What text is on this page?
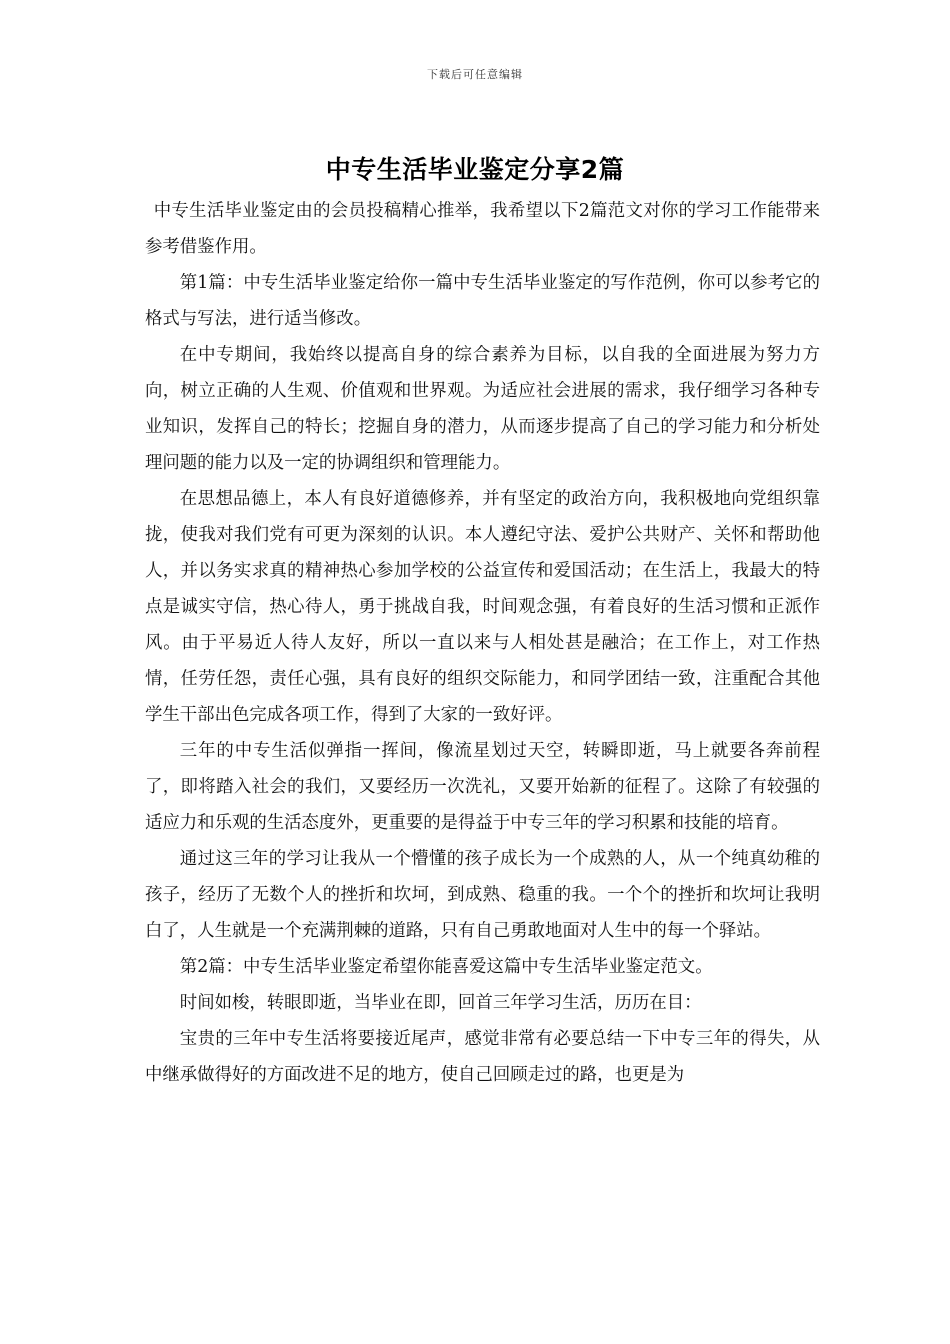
下载后可任意编辑
中专生活毕业鉴定分享2篇

中专生活毕业鉴定由的会员投稿精心推举，我希望以下2篇范文对你的学习工作能带来参考借鉴作用。

第1篇：中专生活毕业鉴定给你一篇中专生活毕业鉴定的写作范例，你可以参考它的格式与写法，进行适当修改。

在中专期间，我始终以提高自身的综合素养为目标，以自我的全面进展为努力方向，树立正确的人生观、价值观和世界观。为适应社会进展的需求，我仔细学习各种专业知识，发挥自己的特长；挖掘自身的潜力，从而逐步提高了自己的学习能力和分析处理问题的能力以及一定的协调组织和管理能力。

在思想品德上，本人有良好道德修养，并有坚定的政治方向，我积极地向党组织靠拢，使我对我们党有可更为深刻的认识。本人遵纪守法、爱护公共财产、关怀和帮助他人，并以务实求真的精神热心参加学校的公益宣传和爱国活动；在生活上，我最大的特点是诚实守信，热心待人，勇于挑战自我，时间观念强，有着良好的生活习惯和正派作风。由于平易近人待人友好，所以一直以来与人相处甚是融洽；在工作上，对工作热情，任劳任怨，责任心强，具有良好的组织交际能力，和同学团结一致，注重配合其他学生干部出色完成各项工作，得到了大家的一致好评。

三年的中专生活似弹指一挥间，像流星划过天空，转瞬即逝，马上就要各奔前程了，即将踏入社会的我们，又要经历一次洗礼，又要开始新的征程了。这除了有较强的适应力和乐观的生活态度外，更重要的是得益于中专三年的学习积累和技能的培育。

通过这三年的学习让我从一个懵懂的孩子成长为一个成熟的人，从一个纯真幼稚的孩子，经历了无数个人的挫折和坎坷，到成熟、稳重的我。一个个的挫折和坎坷让我明白了，人生就是一个充满荆棘的道路，只有自己勇敢地面对人生中的每一个驿站。

第2篇：中专生活毕业鉴定希望你能喜爱这篇中专生活毕业鉴定范文。

时间如梭，转眼即逝，当毕业在即，回首三年学习生活，历历在目：

宝贵的三年中专生活将要接近尾声，感觉非常有必要总结一下中专三年的得失，从中继承做得好的方面改进不足的地方，使自己回顾走过的路，也更是为
